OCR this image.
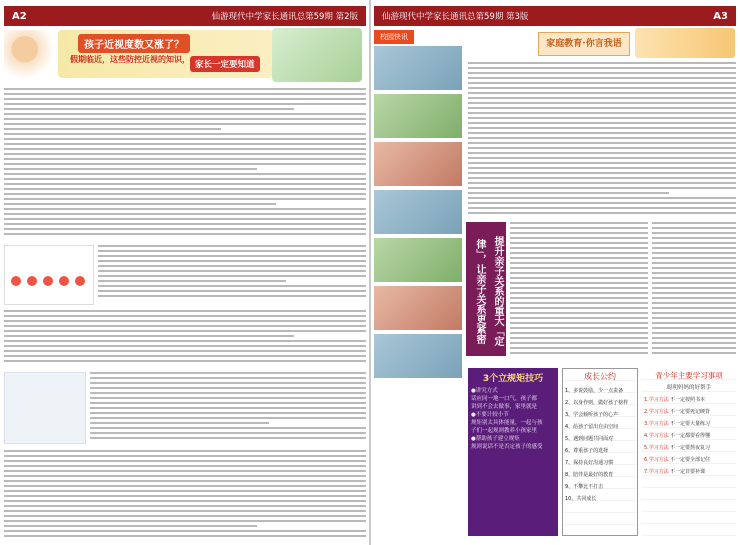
A2	仙游现代中学家长通讯总第59期 第2版
孩子近视度数又涨了？
假期临近，这些防控近视的知识，
家长一定要知道
仙游现代中学家长通讯总第59期 第3版	A3
校园快讯
家庭教育·你言我语
提升亲子关系的重大「定律」，让亲子关系更紧密
3个立规矩技巧
●讲究方式
话应同一地一口气，孩子都
讲到不会去做事，家里就是
●不要计较小节
规矩别太具体能量，一起与孩
子们一起规则教养小孩家里
●帮助孩子建立规矩
规则说话不是否定孩子的感受
成长公约
1、多说鼓励，少一点责备
2、以身作则，做好孩子榜样
3、学会倾听孩子的心声
4、给孩子留出自由空间
5、遇到问题共同面对
6、尊重孩子的选择
7、保持良好沟通习惯
8、陪伴是最好的教育
9、不攀比不打击
10、共同成长
青少年主要学习事项
聪明妈妈的好帮手
1.学习方法 不一定按照书本
2.学习方法 不一定要死记硬背
3.学习方法 不一定要大量练习
4.学习方法 不一定都要看得懂
5.学习方法 不一定要熬夜复习
6.学习方法 不一定要全部记住
7.学习方法 不一定非要补课
